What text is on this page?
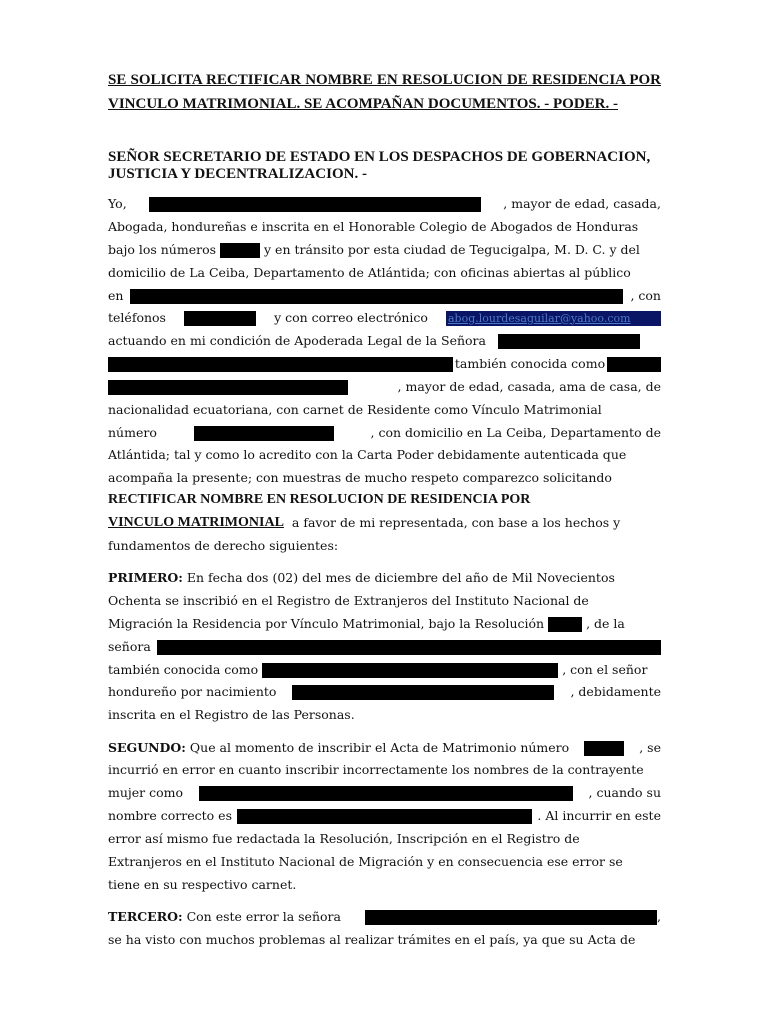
SE SOLICITA RECTIFICAR NOMBRE EN RESOLUCION DE RESIDENCIA POR VINCULO MATRIMONIAL. SE ACOMPAÑAN DOCUMENTOS. - PODER. -
SEÑOR SECRETARIO DE ESTADO EN LOS DESPACHOS DE GOBERNACION, JUSTICIA Y DECENTRALIZACION. -
Yo,	, mayor de edad, casada,
Abogada, hondureñas e inscrita en el Honorable Colegio de Abogados de Honduras
bajo los números	y en tránsito por esta ciudad de Tegucigalpa, M. D. C. y del
domicilio de La Ceiba, Departamento de Atlántida; con oficinas abiertas al público
en	, con
teléfonos	y con correo electrónico abog.lourdesaguilar@yahoo.com
actuando en mi condición de Apoderada Legal de la Señora
también conocida como
, mayor de edad, casada, ama de casa, de
nacionalidad ecuatoriana, con carnet de Residente como Vínculo Matrimonial
número	, con domicilio en La Ceiba, Departamento de
Atlántida; tal y como lo acredito con la Carta Poder debidamente autenticada que
acompaña la presente; con muestras de mucho respeto comparezco solicitando
RECTIFICAR NOMBRE EN RESOLUCION DE RESIDENCIA POR
VINCULO MATRIMONIAL a favor de mi representada, con base a los hechos y
fundamentos de derecho siguientes:
PRIMERO: En fecha dos (02) del mes de diciembre del año de Mil Novecientos
Ochenta se inscribió en el Registro de Extranjeros del Instituto Nacional de
Migración la Residencia por Vínculo Matrimonial, bajo la Resolución	, de la
señora
también conocida como	, con el señor
hondureño por nacimiento	, debidamente
inscrita en el Registro de las Personas.
SEGUNDO: Que al momento de inscribir el Acta de Matrimonio número	, se
incurrió en error en cuanto inscribir incorrectamente los nombres de la contrayente
mujer como	, cuando su
nombre correcto es	. Al incurrir en este
error así mismo fue redactada la Resolución, Inscripción en el Registro de
Extranjeros en el Instituto Nacional de Migración y en consecuencia ese error se
tiene en su respectivo carnet.
TERCERO: Con este error la señora	,
se ha visto con muchos problemas al realizar trámites en el país, ya que su Acta de
